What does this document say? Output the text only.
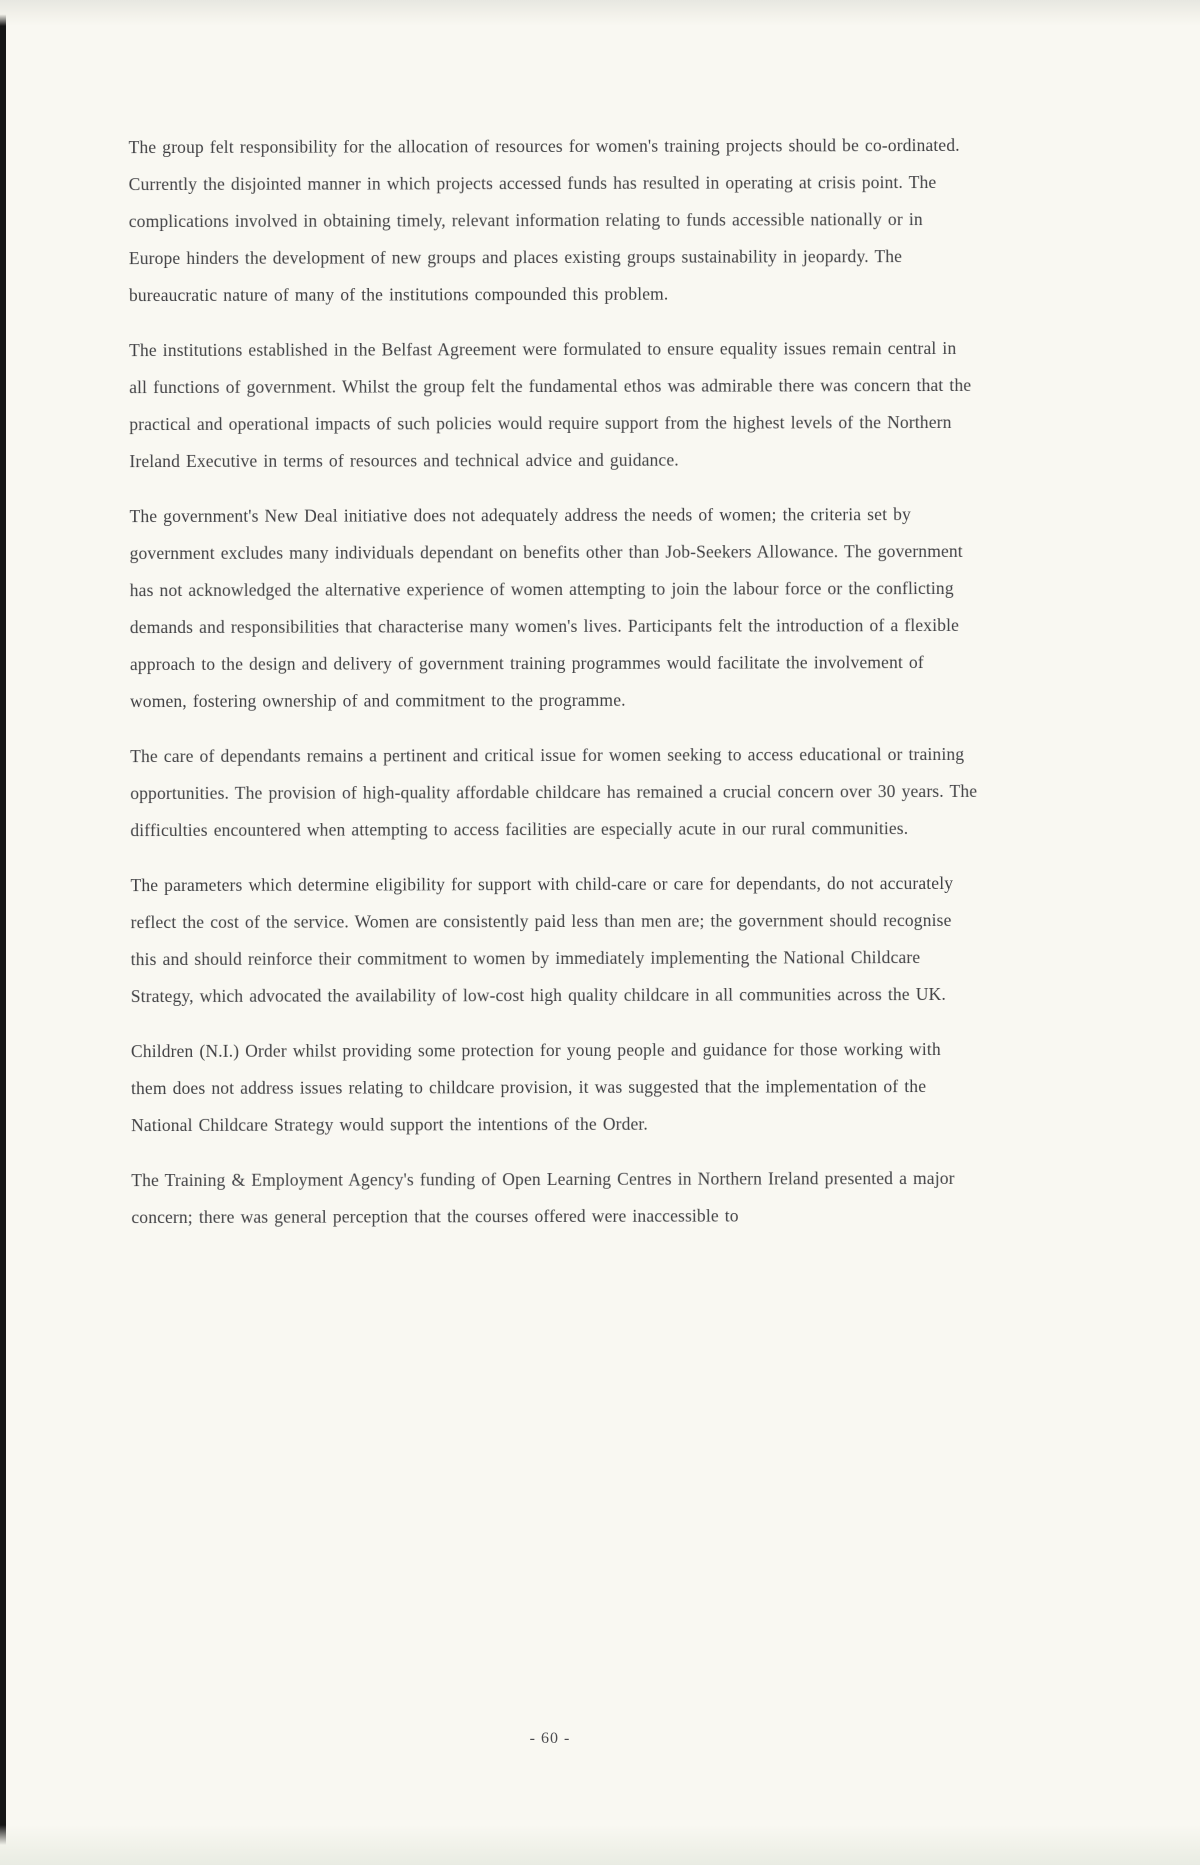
The group felt responsibility for the allocation of resources for women's training projects should be co-ordinated. Currently the disjointed manner in which projects accessed funds has resulted in operating at crisis point. The complications involved in obtaining timely, relevant information relating to funds accessible nationally or in Europe hinders the development of new groups and places existing groups sustainability in jeopardy. The bureaucratic nature of many of the institutions compounded this problem.

The institutions established in the Belfast Agreement were formulated to ensure equality issues remain central in all functions of government. Whilst the group felt the fundamental ethos was admirable there was concern that the practical and operational impacts of such policies would require support from the highest levels of the Northern Ireland Executive in terms of resources and technical advice and guidance.

The government's New Deal initiative does not adequately address the needs of women; the criteria set by government excludes many individuals dependant on benefits other than Job-Seekers Allowance. The government has not acknowledged the alternative experience of women attempting to join the labour force or the conflicting demands and responsibilities that characterise many women's lives. Participants felt the introduction of a flexible approach to the design and delivery of government training programmes would facilitate the involvement of women, fostering ownership of and commitment to the programme.

The care of dependants remains a pertinent and critical issue for women seeking to access educational or training opportunities. The provision of high-quality affordable childcare has remained a crucial concern over 30 years. The difficulties encountered when attempting to access facilities are especially acute in our rural communities.

The parameters which determine eligibility for support with child-care or care for dependants, do not accurately reflect the cost of the service. Women are consistently paid less than men are; the government should recognise this and should reinforce their commitment to women by immediately implementing the National Childcare Strategy, which advocated the availability of low-cost high quality childcare in all communities across the UK.

Children (N.I.) Order whilst providing some protection for young people and guidance for those working with them does not address issues relating to childcare provision, it was suggested that the implementation of the National Childcare Strategy would support the intentions of the Order.

The Training & Employment Agency's funding of Open Learning Centres in Northern Ireland presented a major concern; there was general perception that the courses offered were inaccessible to

- 60 -
